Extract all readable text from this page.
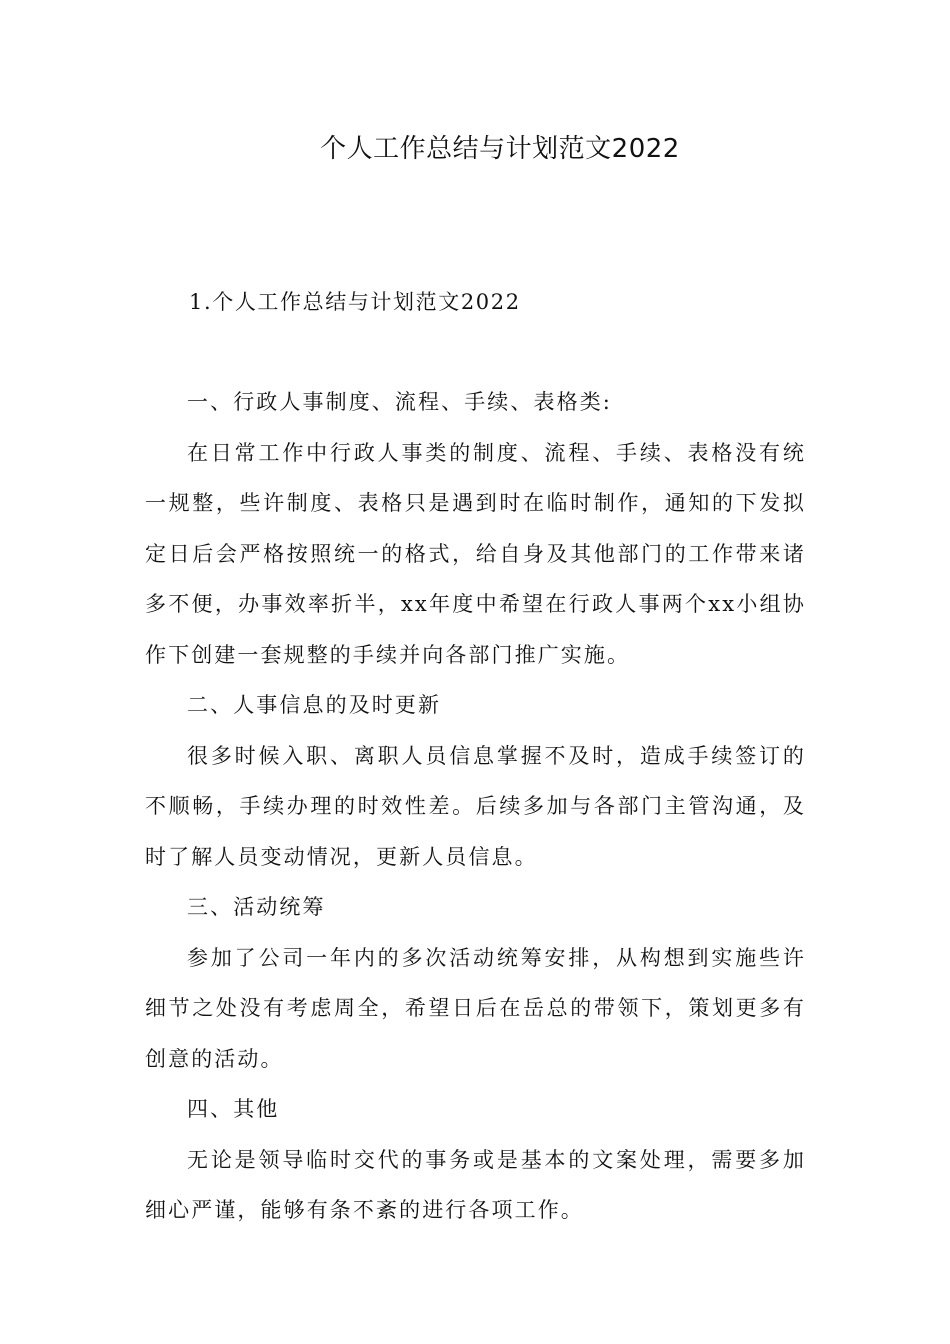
个人工作总结与计划范文2022
1.个人工作总结与计划范文2022

一、行政人事制度、流程、手续、表格类:

在日常工作中行政人事类的制度、流程、手续、表格没有统一规整，些许制度、表格只是遇到时在临时制作，通知的下发拟定日后会严格按照统一的格式，给自身及其他部门的工作带来诸多不便，办事效率折半，xx年度中希望在行政人事两个xx小组协作下创建一套规整的手续并向各部门推广实施。

二、人事信息的及时更新

很多时候入职、离职人员信息掌握不及时，造成手续签订的不顺畅，手续办理的时效性差。后续多加与各部门主管沟通，及时了解人员变动情况，更新人员信息。

三、活动统筹

参加了公司一年内的多次活动统筹安排，从构想到实施些许细节之处没有考虑周全，希望日后在岳总的带领下，策划更多有创意的活动。

四、其他

无论是领导临时交代的事务或是基本的文案处理，需要多加细心严谨，能够有条不紊的进行各项工作。
